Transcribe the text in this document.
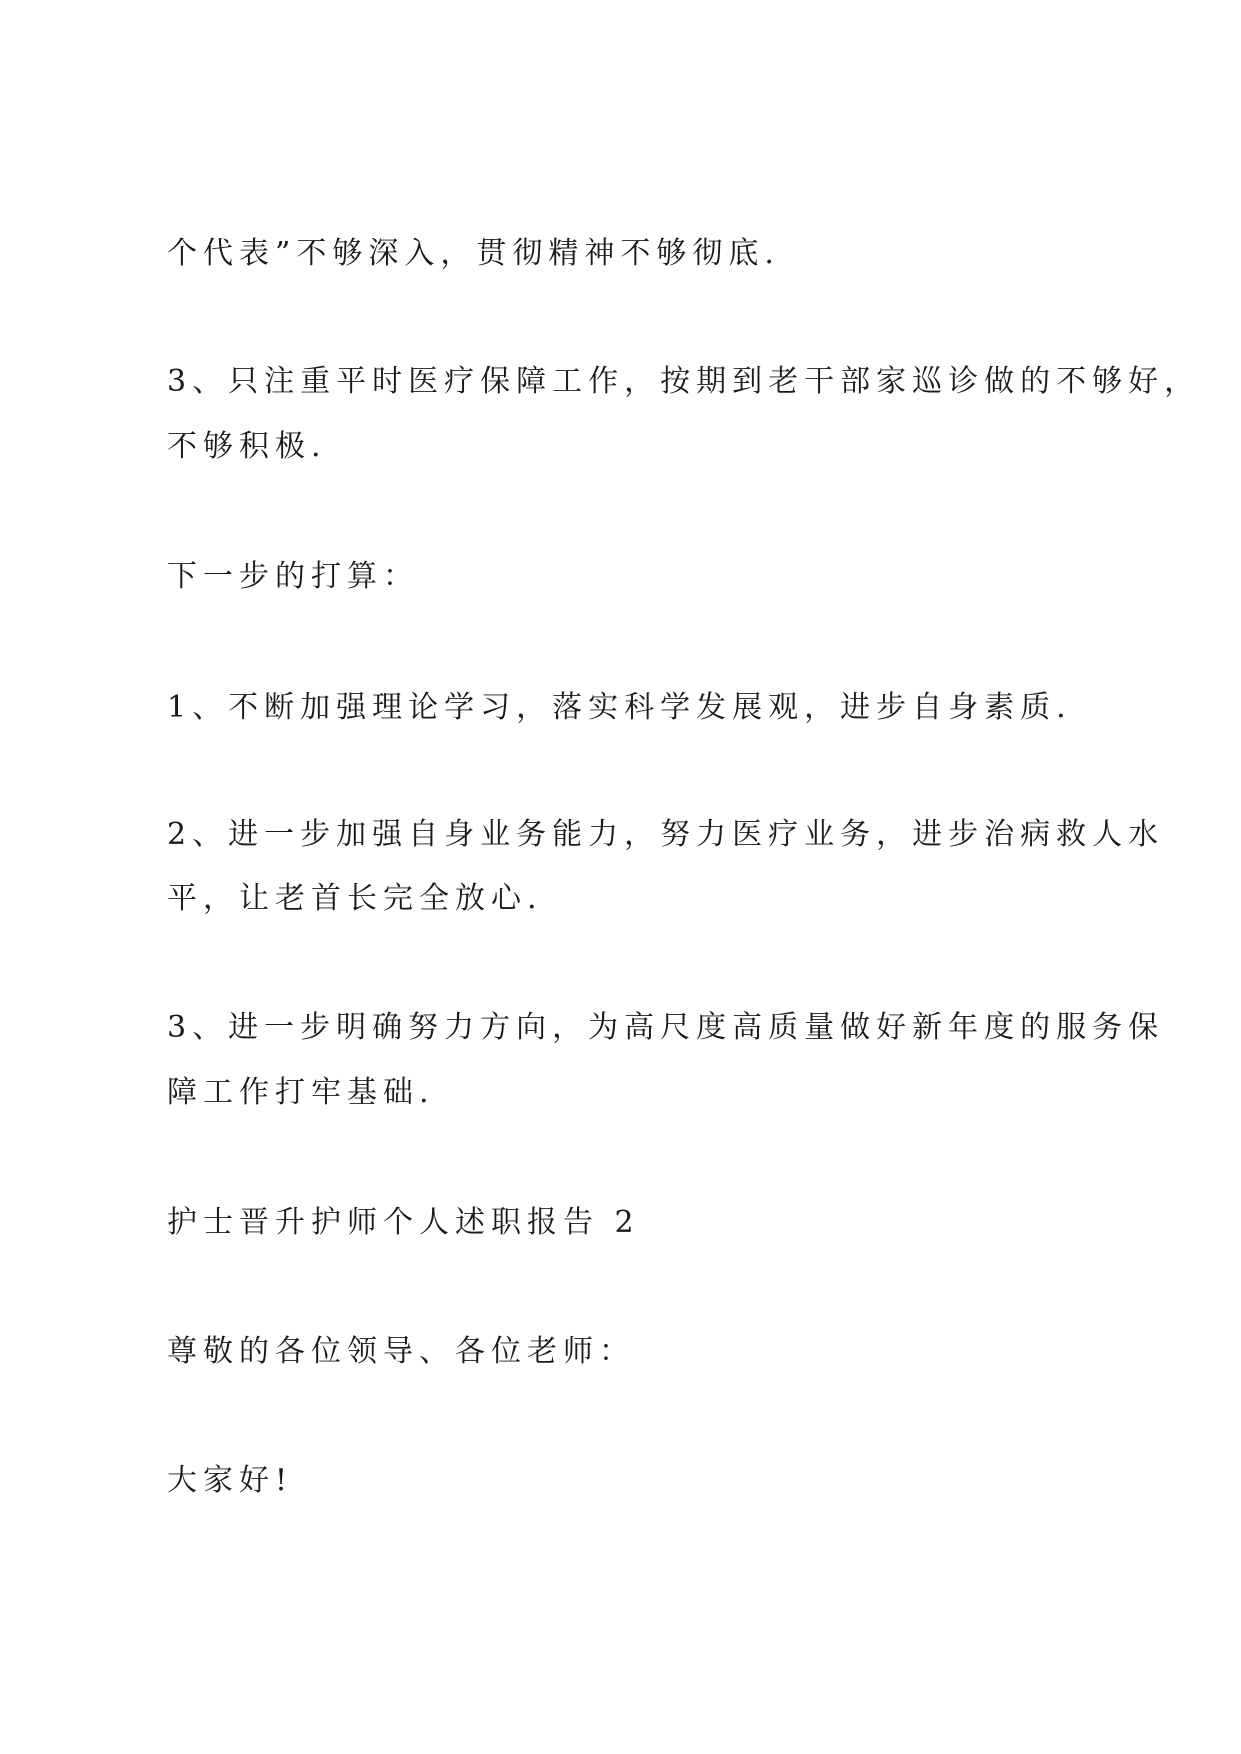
个代表”不够深入，贯彻精神不够彻底.
3、只注重平时医疗保障工作，按期到老干部家巡诊做的不够好，
不够积极.
下一步的打算：
1、不断加强理论学习，落实科学发展观，进步自身素质.
2、进一步加强自身业务能力，努力医疗业务，进步治病救人水
平，让老首长完全放心.
3、进一步明确努力方向，为高尺度高质量做好新年度的服务保
障工作打牢基础.
护士晋升护师个人述职报告 2
尊敬的各位领导、各位老师：
大家好!
